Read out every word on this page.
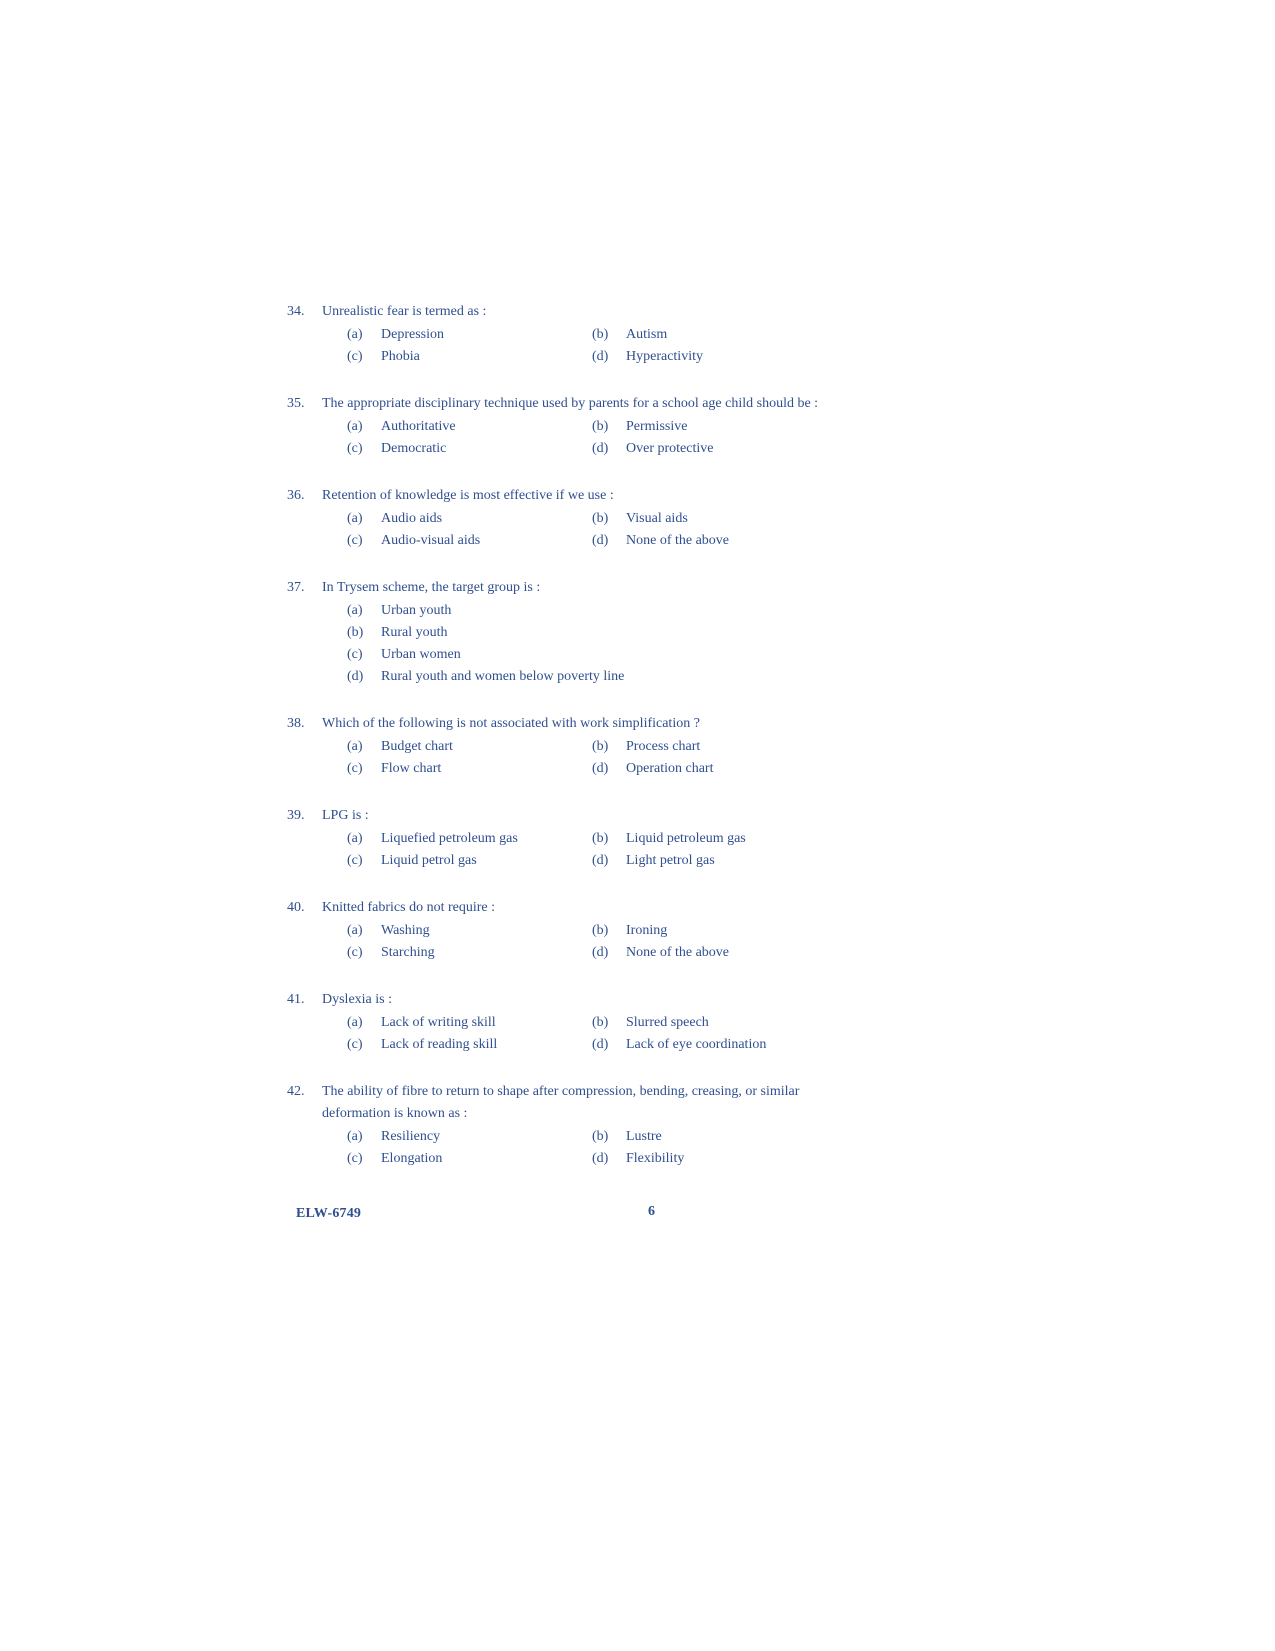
34.	Unrealistic fear is termed as :
(a)	Depression	(b)	Autism
(c)	Phobia	(d)	Hyperactivity
35.	The appropriate disciplinary technique used by parents for a school age child should be :
(a)	Authoritative	(b)	Permissive
(c)	Democratic	(d)	Over protective
36.	Retention of knowledge is most effective if we use :
(a)	Audio aids	(b)	Visual aids
(c)	Audio-visual aids	(d)	None of the above
37.	In Trysem scheme, the target group is :
(a)	Urban youth
(b)	Rural youth
(c)	Urban women
(d)	Rural youth and women below poverty line
38.	Which of the following is not associated with work simplification ?
(a)	Budget chart	(b)	Process chart
(c)	Flow chart	(d)	Operation chart
39.	LPG is :
(a)	Liquefied petroleum gas	(b)	Liquid petroleum gas
(c)	Liquid petrol gas	(d)	Light petrol gas
40.	Knitted fabrics do not require :
(a)	Washing	(b)	Ironing
(c)	Starching	(d)	None of the above
41.	Dyslexia is :
(a)	Lack of writing skill	(b)	Slurred speech
(c)	Lack of reading skill	(d)	Lack of eye coordination
42.	The ability of fibre to return to shape after compression, bending, creasing, or similar deformation is known as :
(a)	Resiliency	(b)	Lustre
(c)	Elongation	(d)	Flexibility
ELW-6749	6
